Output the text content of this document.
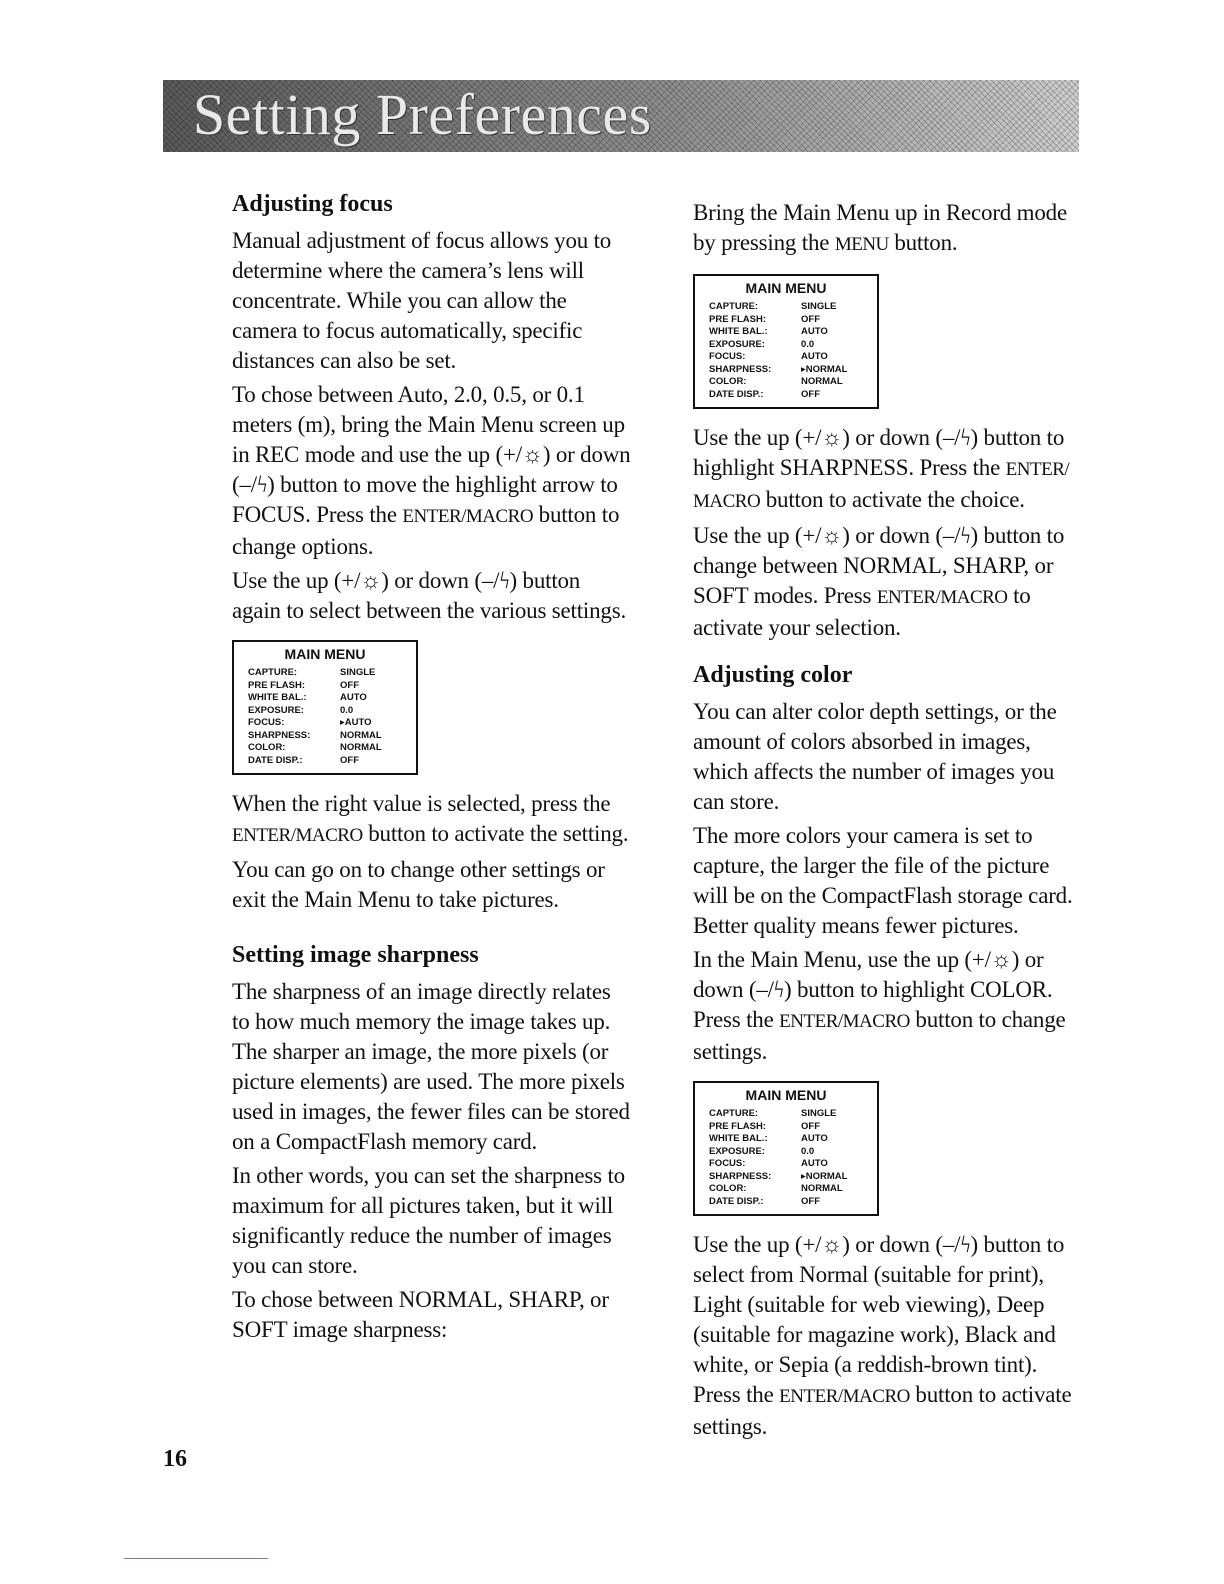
Setting Preferences
Adjusting focus

Manual adjustment of focus allows you to determine where the camera’s lens will concentrate. While you can allow the camera to focus automatically, specific distances can also be set.

To chose between Auto, 2.0, 0.5, or 0.1 meters (m), bring the Main Menu screen up in REC mode and use the up (+/☼) or down (–/ϟ) button to move the highlight arrow to FOCUS. Press the ENTER/MACRO button to change options.

Use the up (+/☼) or down (–/ϟ) button again to select between the various settings.

MAIN MENU
CAPTURE:	SINGLE
PRE FLASH:	OFF
WHITE BAL.:	AUTO
EXPOSURE:	0.0
FOCUS:	▸AUTO
SHARPNESS:	NORMAL
COLOR:	NORMAL
DATE DISP.:	OFF

When the right value is selected, press the ENTER/MACRO button to activate the setting.

You can go on to change other settings or exit the Main Menu to take pictures.

Setting image sharpness

The sharpness of an image directly relates to how much memory the image takes up. The sharper an image, the more pixels (or picture elements) are used. The more pixels used in images, the fewer files can be stored on a CompactFlash memory card.

In other words, you can set the sharpness to maximum for all pictures taken, but it will significantly reduce the number of images you can store.

To chose between NORMAL, SHARP, or SOFT image sharpness:

Bring the Main Menu up in Record mode by pressing the MENU button.

MAIN MENU
CAPTURE:	SINGLE
PRE FLASH:	OFF
WHITE BAL.:	AUTO
EXPOSURE:	0.0
FOCUS:	AUTO
SHARPNESS:	▸NORMAL
COLOR:	NORMAL
DATE DISP.:	OFF

Use the up (+/☼) or down (–/ϟ) button to highlight SHARPNESS. Press the ENTER/ MACRO button to activate the choice.

Use the up (+/☼) or down (–/ϟ) button to change between NORMAL, SHARP, or SOFT modes. Press ENTER/MACRO to activate your selection.

Adjusting color

You can alter color depth settings, or the amount of colors absorbed in images, which affects the number of images you can store.

The more colors your camera is set to capture, the larger the file of the picture will be on the CompactFlash storage card. Better quality means fewer pictures.

In the Main Menu, use the up (+/☼) or down (–/ϟ) button to highlight COLOR. Press the ENTER/MACRO button to change settings.

MAIN MENU
CAPTURE:	SINGLE
PRE FLASH:	OFF
WHITE BAL.:	AUTO
EXPOSURE:	0.0
FOCUS:	AUTO
SHARPNESS:	▸NORMAL
COLOR:	NORMAL
DATE DISP.:	OFF

Use the up (+/☼) or down (–/ϟ) button to select from Normal (suitable for print), Light (suitable for web viewing), Deep (suitable for magazine work), Black and white, or Sepia (a reddish-brown tint). Press the ENTER/MACRO button to activate settings.

16
